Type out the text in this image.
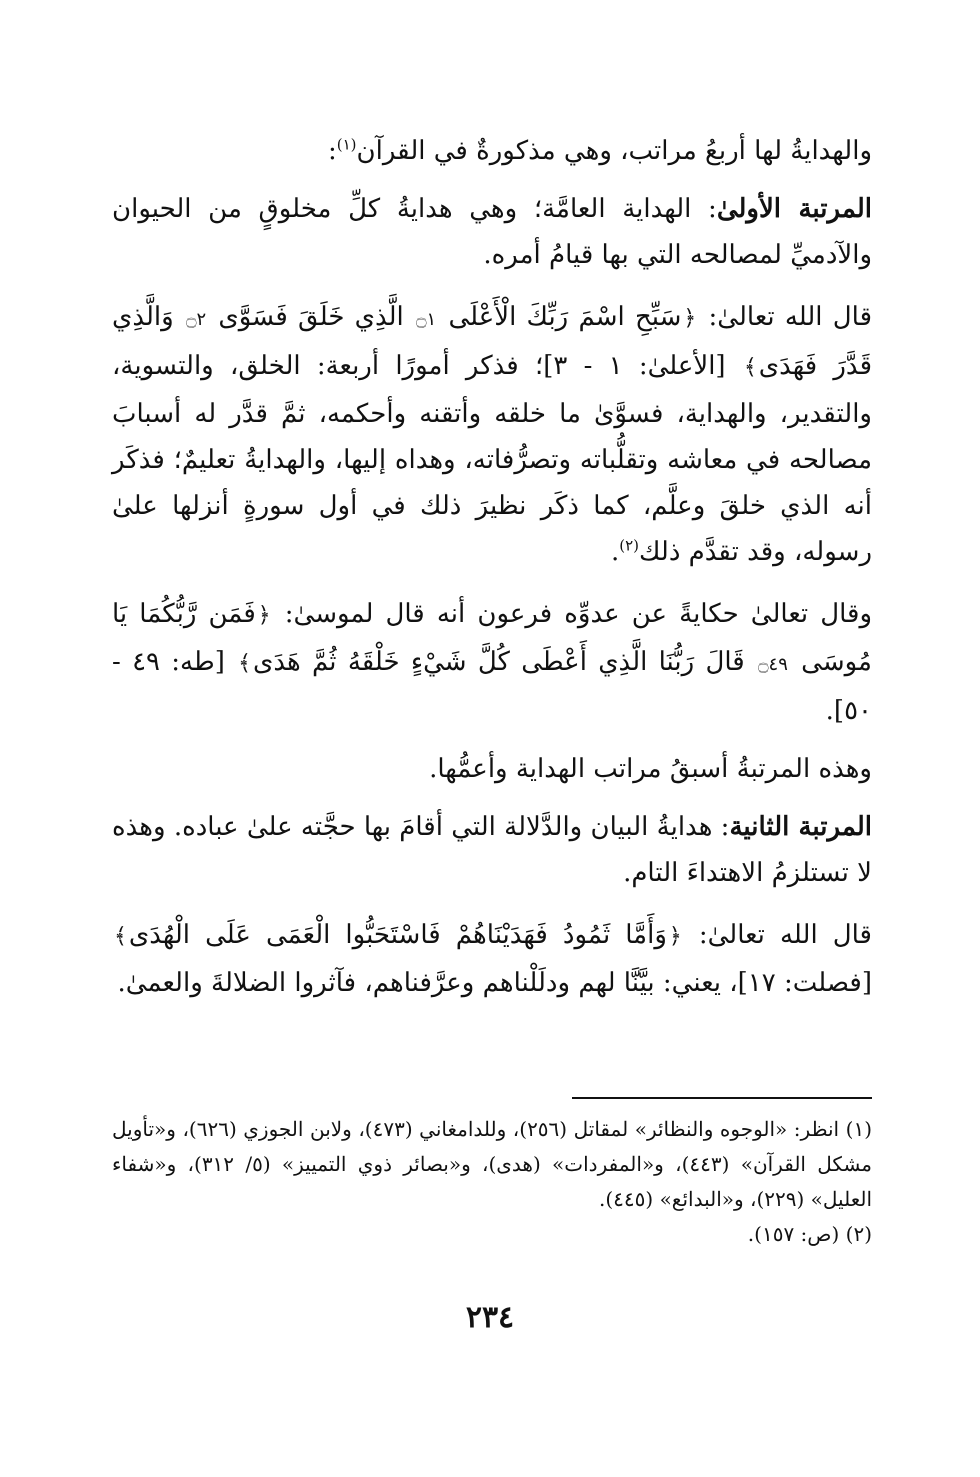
والهدايةُ لها أربعُ مراتب، وهي مذكورةٌ في القرآن$^{(١)}$:

المرتبة الأولىٰ: الهداية العامَّة؛ وهي هدايةُ كلِّ مخلوقٍ من الحيوان والآدميِّ لمصالحه التي بها قيامُ أمره.

قال الله تعالىٰ: ﴿سَبِّحِ اسْمَ رَبِّكَ الْأَعْلَى ۝١ الَّذِي خَلَقَ فَسَوَّى ۝٢ وَالَّذِي قَدَّرَ فَهَدَى﴾ [الأعلىٰ: ١ - ٣]؛ فذكر أمورًا أربعة: الخلق، والتسوية، والتقدير، والهداية، فسوَّىٰ ما خلقه وأتقنه وأحكمه، ثمَّ قدَّر له أسبابَ مصالحه في معاشه وتقلُّباته وتصرُّفاته، وهداه إليها، والهدايةُ تعليمٌ؛ فذكَر أنه الذي خلقَ وعلَّم، كما ذكَر نظيرَ ذلك في أول سورةٍ أنزلها علىٰ رسوله، وقد تقدَّم ذلك$^{(٢)}$.

وقال تعالىٰ حكايةً عن عدوِّه فرعون أنه قال لموسىٰ: ﴿فَمَن رَّبُّكُمَا يَا مُوسَى ۝٤٩ قَالَ رَبُّنَا الَّذِي أَعْطَى كُلَّ شَيْءٍ خَلْقَهُ ثُمَّ هَدَى﴾ [طه: ٤٩ - ٥٠].

وهذه المرتبةُ أسبقُ مراتب الهداية وأعمُّها.

المرتبة الثانية: هدايةُ البيان والدَّلالة التي أقامَ بها حجَّته علىٰ عباده. وهذه لا تستلزمُ الاهتداءَ التام.

قال الله تعالىٰ: ﴿وَأَمَّا ثَمُودُ فَهَدَيْنَاهُمْ فَاسْتَحَبُّوا الْعَمَى عَلَى الْهُدَى﴾ [فصلت: ١٧]، يعني: بيَّنَّا لهم ودلَلْناهم وعرَّفناهم، فآثروا الضلالةَ والعمىٰ.

(١) انظر: «الوجوه والنظائر» لمقاتل (٢٥٦)، وللدامغاني (٤٧٣)، ولابن الجوزي (٦٢٦)، و«تأويل مشكل القرآن» (٤٤٣)، و«المفردات» (هدى)، و«بصائر ذوي التمييز» (٥/ ٣١٢)، و«شفاء العليل» (٢٢٩)، و«البدائع» (٤٤٥).

(٢) (ص: ١٥٧).

٢٣٤
